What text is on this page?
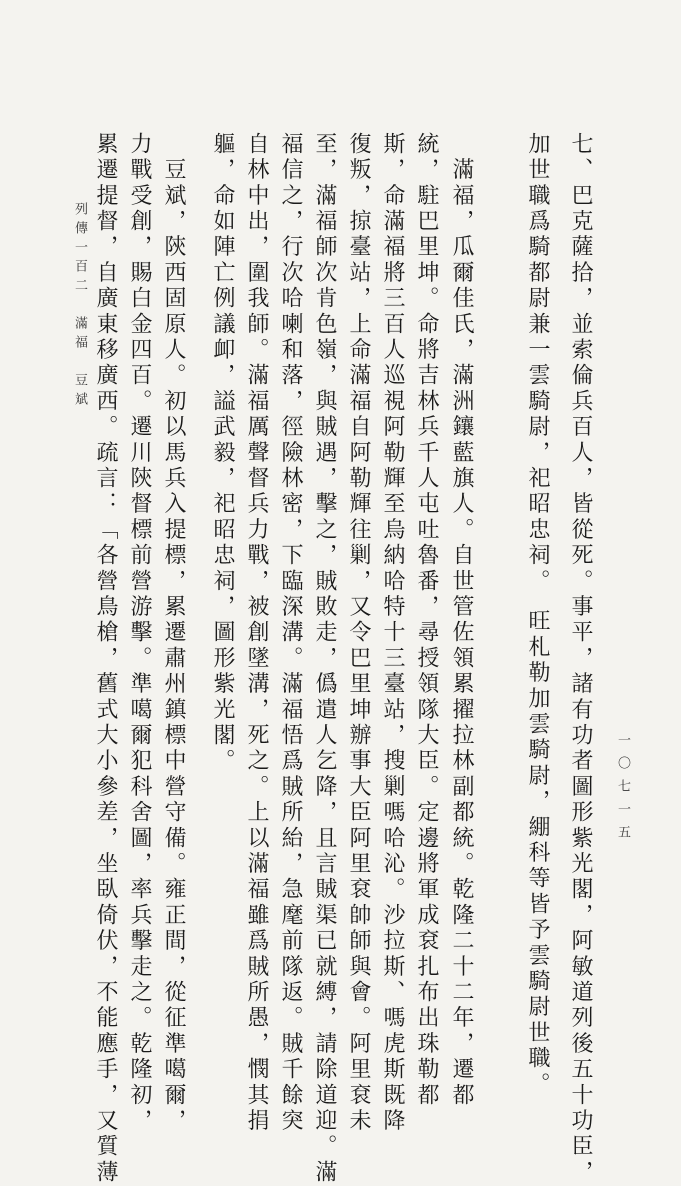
七、巴克薩拾，並索倫兵百人，皆從死。事平，諸有功者圖形紫光閣，阿敏道列後五十功臣，
加世職爲騎都尉兼一雲騎尉，祀昭忠祠。　旺札勒加雲騎尉，綳科等皆予雲騎尉世職。
　滿福，瓜爾佳氏，滿洲鑲藍旗人。自世管佐領累擢拉林副都統。乾隆二十二年，遷都
統，駐巴里坤。命將吉林兵千人屯吐魯番，尋授領隊大臣。定邊將軍成袞扎布出珠勒都
斯，命滿福將三百人巡視阿勒輝至烏納哈特十三臺站，搜剿嗎哈沁。沙拉斯、嗎虎斯既降
復叛，掠臺站，上命滿福自阿勒輝往剿，又令巴里坤辦事大臣阿里袞帥師與會。阿里袞未
至，滿福師次肯色嶺，與賊遇，擊之，賊敗走，僞遣人乞降，且言賊渠已就縛，請除道迎。滿
福信之，行次哈喇和落，徑險林密，下臨深溝。滿福悟爲賊所紿，急麾前隊返。賊千餘突
自林中出，圍我師。滿福厲聲督兵力戰，被創墜溝，死之。上以滿福雖爲賊所愚，憫其捐
軀，命如陣亡例議卹，謚武毅，祀昭忠祠，圖形紫光閣。
　豆斌，陝西固原人。初以馬兵入提標，累遷肅州鎮標中營守備。雍正間，從征準噶爾，
力戰受創，賜白金四百。遷川陝督標前營游擊。準噶爾犯科舍圖，率兵擊走之。乾隆初，
累遷提督，自廣東移廣西。疏言：「各營鳥槍，舊式大小參差，坐臥倚伏，不能應手，又質薄
列傳一百二　滿福　豆斌
一〇七一五
